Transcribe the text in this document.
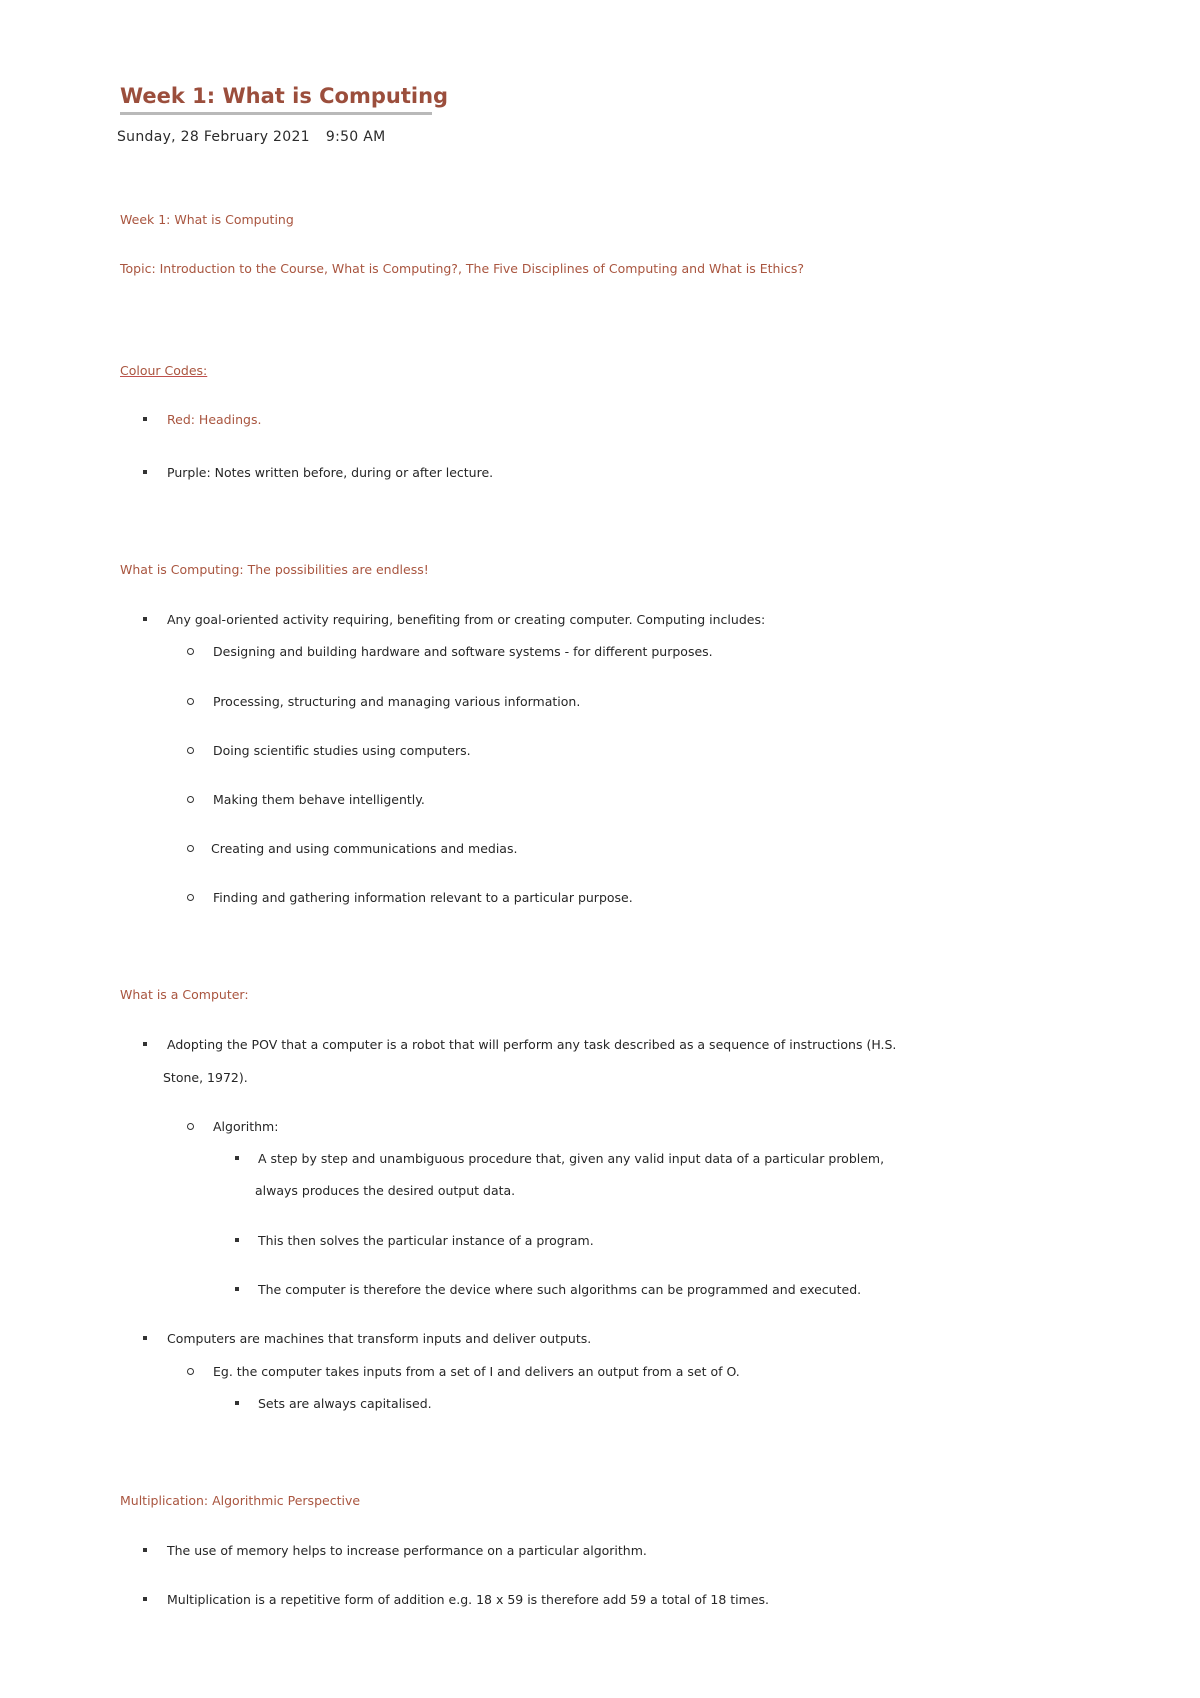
Week 1: What is Computing
Sunday, 28 February 2021 9:50 AM
Week 1: What is Computing
Topic: Introduction to the Course, What is Computing?, The Five Disciplines of Computing and What is Ethics?
Colour Codes:
Red: Headings.
Purple: Notes written before, during or after lecture.
What is Computing: The possibilities are endless!
Any goal-oriented activity requiring, benefiting from or creating computer. Computing includes:
Designing and building hardware and software systems - for different purposes.
Processing, structuring and managing various information.
Doing scientific studies using computers.
Making them behave intelligently.
Creating and using communications and medias.
Finding and gathering information relevant to a particular purpose.
What is a Computer:
Adopting the POV that a computer is a robot that will perform any task described as a sequence of instructions (H.S.
Stone, 1972).
Algorithm:
A step by step and unambiguous procedure that, given any valid input data of a particular problem,
always produces the desired output data.
This then solves the particular instance of a program.
The computer is therefore the device where such algorithms can be programmed and executed.
Computers are machines that transform inputs and deliver outputs.
Eg. the computer takes inputs from a set of I and delivers an output from a set of O.
Sets are always capitalised.
Multiplication: Algorithmic Perspective
The use of memory helps to increase performance on a particular algorithm.
Multiplication is a repetitive form of addition e.g. 18 x 59 is therefore add 59 a total of 18 times.
